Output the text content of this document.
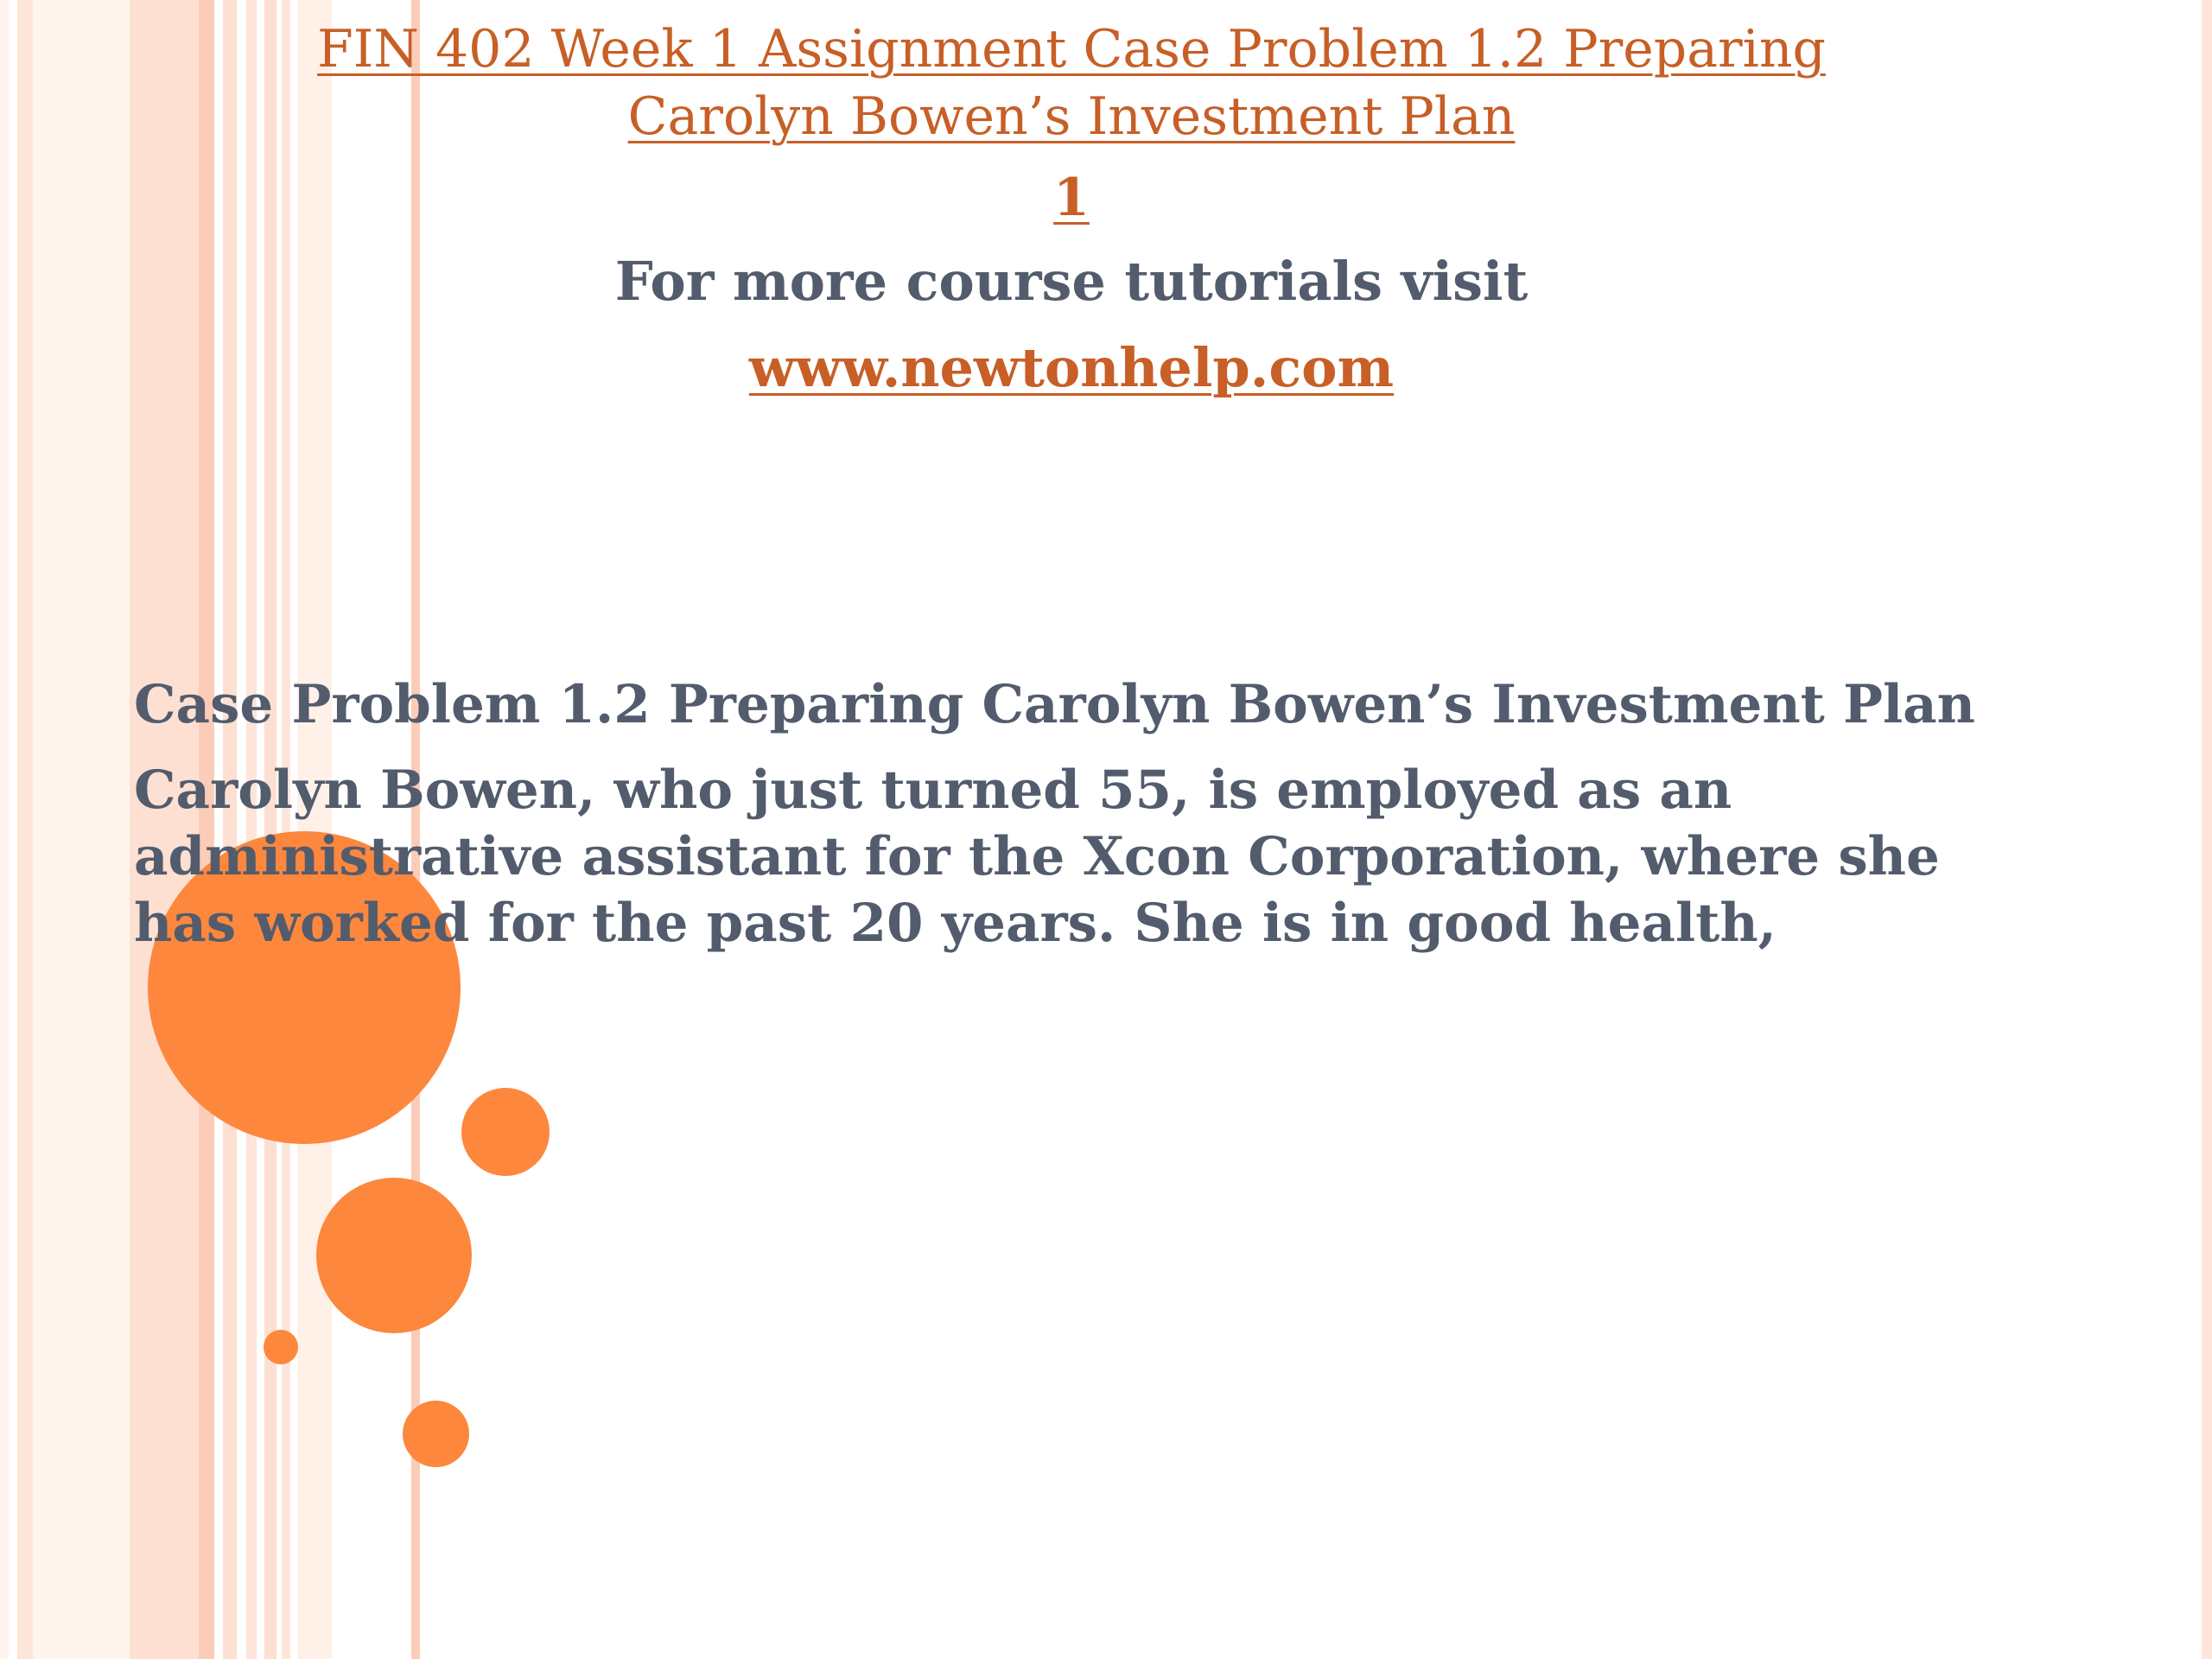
FIN 402 Week 1 Assignment Case Problem 1.2 Preparing Carolyn Bowen’s Investment Plan
1
For more course tutorials visit
www.newtonhelp.com
Case Problem 1.2 Preparing Carolyn Bowen’s Investment Plan

Carolyn Bowen, who just turned 55, is employed as an administrative assistant for the Xcon Corporation, where she has worked for the past 20 years. She is in good health,
